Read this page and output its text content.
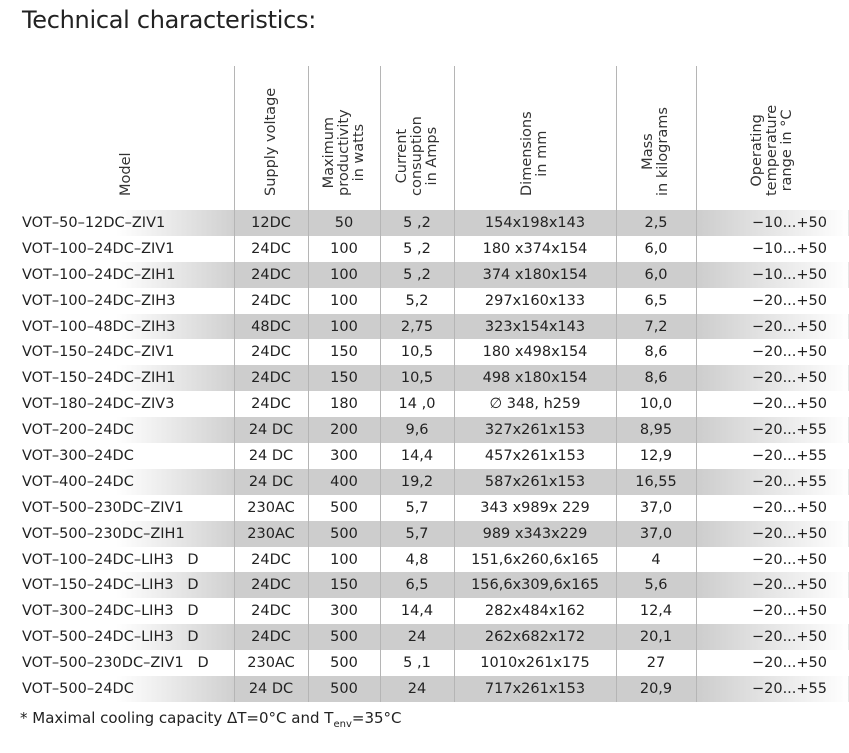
Technical characteristics:
Model	Supply voltage	Maximum productivity in watts	Current consuption in Amps	Dimensions in mm	Mass in kilograms	Operating temperature range in °C

VOT–50–12DC–ZIV1	12DC	50	5 ,2	154x198x143	2,5	−10...+50
VOT–100–24DC–ZIV1	24DC	100	5 ,2	180 x374x154	6,0	−10...+50
VOT–100–24DC–ZIH1	24DC	100	5 ,2	374 x180x154	6,0	−10...+50
VOT–100–24DC–ZIH3	24DC	100	5,2	297x160x133	6,5	−20...+50
VOT–100–48DC–ZIH3	48DC	100	2,75	323x154x143	7,2	−20...+50
VOT–150–24DC–ZIV1	24DC	150	10,5	180 x498x154	8,6	−20...+50
VOT–150–24DC–ZIH1	24DC	150	10,5	498 x180x154	8,6	−20...+50
VOT–180–24DC–ZIV3	24DC	180	14 ,0	∅ 348, h259	10,0	−20...+50
VOT–200–24DC	24 DC	200	9,6	327x261x153	8,95	−20...+55
VOT–300–24DC	24 DC	300	14,4	457x261x153	12,9	−20...+55
VOT–400–24DC	24 DC	400	19,2	587x261x153	16,55	−20...+55
VOT–500–230DC–ZIV1	230AC	500	5,7	343 x989x 229	37,0	−20...+50
VOT–500–230DC–ZIH1	230AC	500	5,7	989 x343x229	37,0	−20...+50
VOT–100–24DC–LIH3   D	24DC	100	4,8	151,6x260,6x165	4	−20...+50
VOT–150–24DC–LIH3   D	24DC	150	6,5	156,6x309,6x165	5,6	−20...+50
VOT–300–24DC–LIH3   D	24DC	300	14,4	282x484x162	12,4	−20...+50
VOT–500–24DC–LIH3   D	24DC	500	24	262x682x172	20,1	−20...+50
VOT–500–230DC–ZIV1   D	230AC	500	5 ,1	1010x261x175	27	−20...+50
VOT–500–24DC	24 DC	500	24	717x261x153	20,9	−20...+55
* Maximal cooling capacity ΔT=0°C and $T_{env}=35^\circ C$
